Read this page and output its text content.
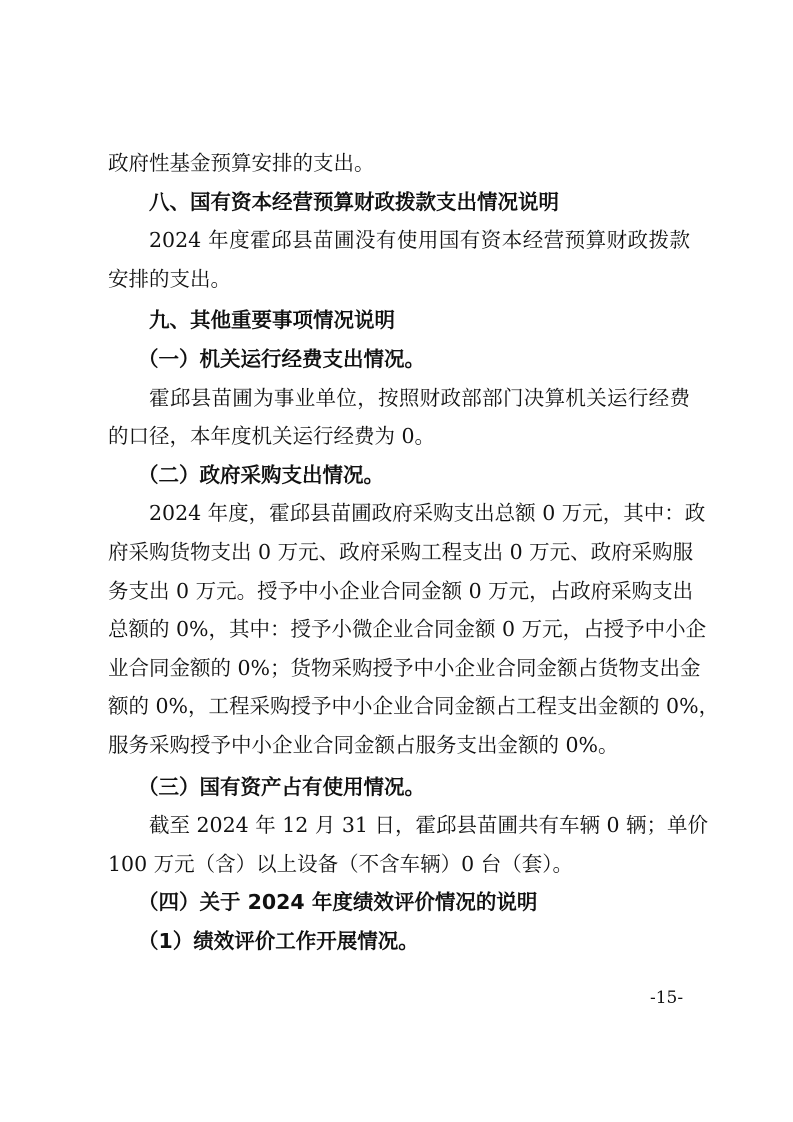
政府性基金预算安排的支出。
八、国有资本经营预算财政拨款支出情况说明
2024 年度霍邱县苗圃没有使用国有资本经营预算财政拨款
安排的支出。
九、其他重要事项情况说明
（一）机关运行经费支出情况。
霍邱县苗圃为事业单位，按照财政部部门决算机关运行经费
的口径，本年度机关运行经费为 0。
（二）政府采购支出情况。
2024 年度，霍邱县苗圃政府采购支出总额 0 万元，其中：政
府采购货物支出 0 万元、政府采购工程支出 0 万元、政府采购服
务支出 0 万元。授予中小企业合同金额 0 万元，占政府采购支出
总额的 0%，其中：授予小微企业合同金额 0 万元，占授予中小企
业合同金额的 0%；货物采购授予中小企业合同金额占货物支出金
额的 0%，工程采购授予中小企业合同金额占工程支出金额的 0%，
服务采购授予中小企业合同金额占服务支出金额的 0%。
（三）国有资产占有使用情况。
截至 2024 年 12 月 31 日，霍邱县苗圃共有车辆 0 辆；单价
100 万元（含）以上设备（不含车辆）0 台（套）。
（四）关于 2024 年度绩效评价情况的说明
（1）绩效评价工作开展情况。
-15-
